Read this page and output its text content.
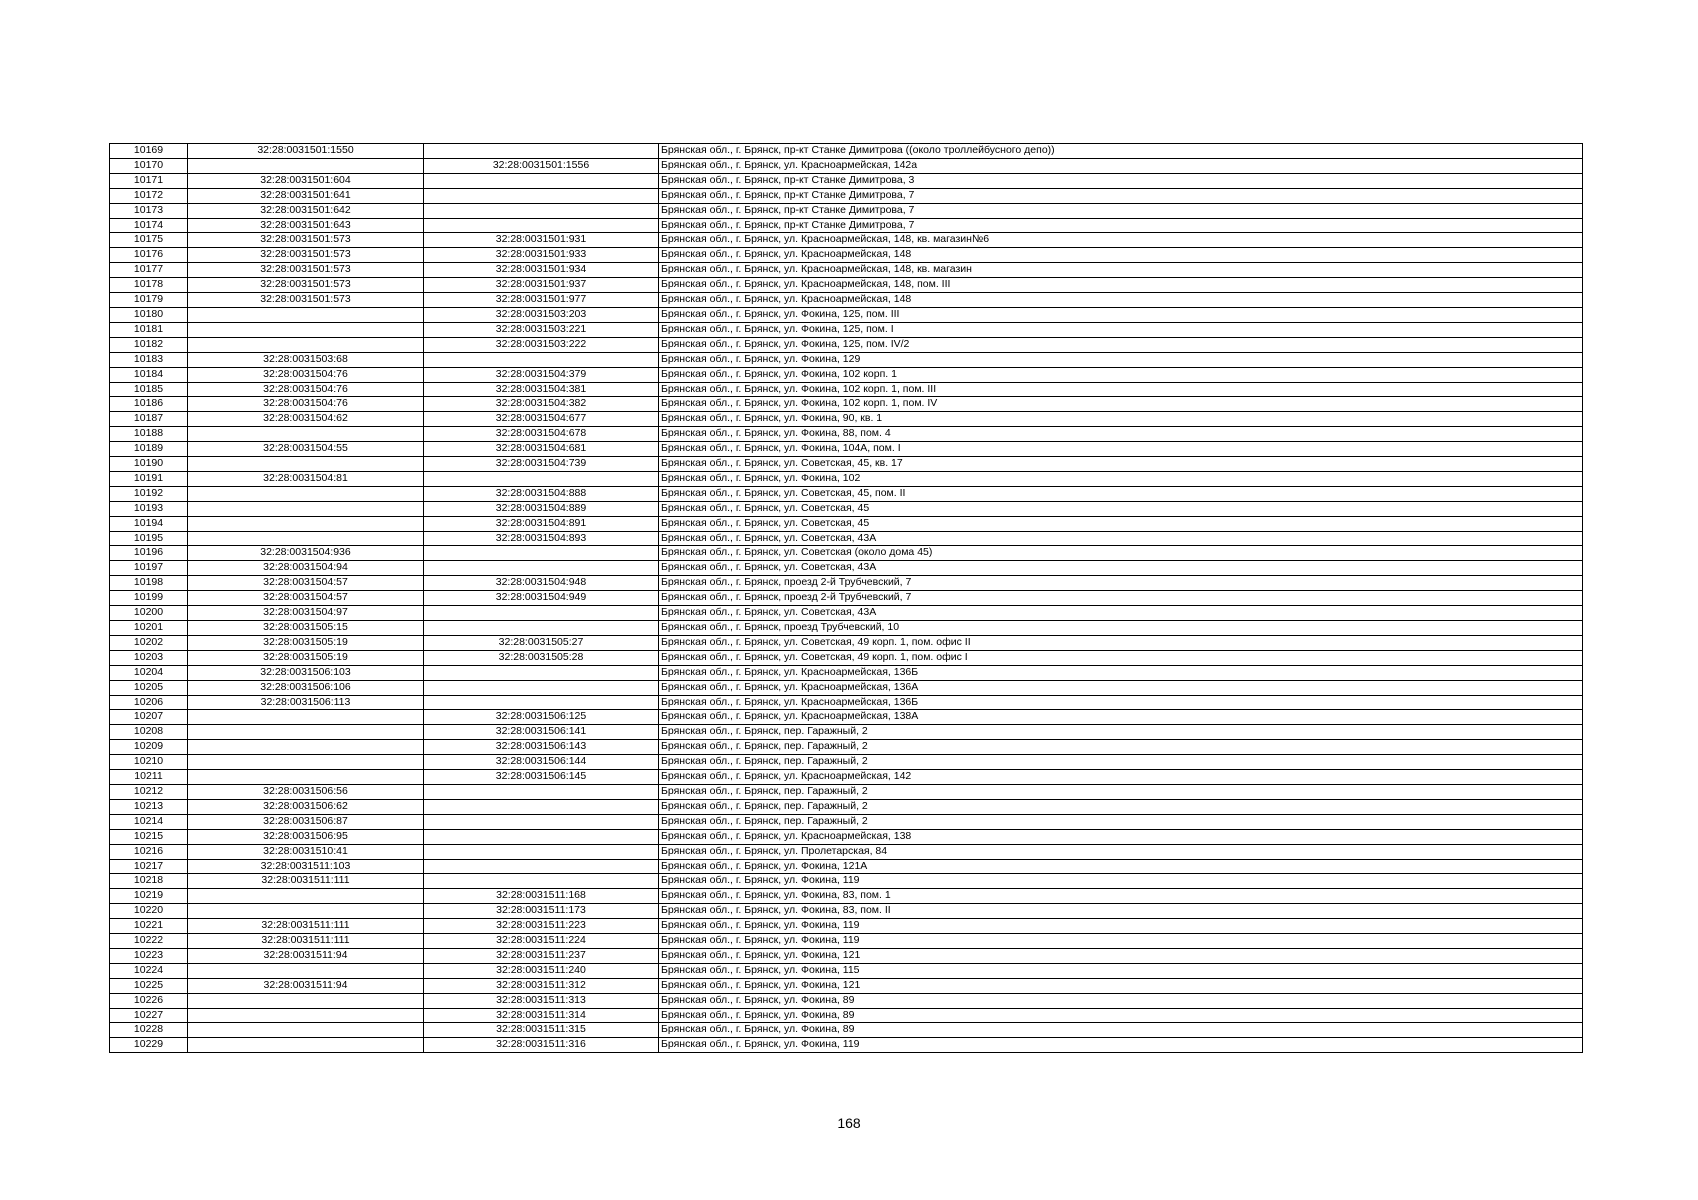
10169	32:28:0031501:1550		Брянская обл., г. Брянск, пр-кт Станке Димитрова ((около троллейбусного депо))
10170		32:28:0031501:1556	Брянская обл., г. Брянск, ул. Красноармейская, 142а
10171	32:28:0031501:604		Брянская обл., г. Брянск, пр-кт Станке Димитрова, 3
10172	32:28:0031501:641		Брянская обл., г. Брянск, пр-кт Станке Димитрова, 7
10173	32:28:0031501:642		Брянская обл., г. Брянск, пр-кт Станке Димитрова, 7
10174	32:28:0031501:643		Брянская обл., г. Брянск, пр-кт Станке Димитрова, 7
10175	32:28:0031501:573	32:28:0031501:931	Брянская обл., г. Брянск, ул. Красноармейская, 148, кв. магазин№6
10176	32:28:0031501:573	32:28:0031501:933	Брянская обл., г. Брянск, ул. Красноармейская, 148
10177	32:28:0031501:573	32:28:0031501:934	Брянская обл., г. Брянск, ул. Красноармейская, 148, кв. магазин
10178	32:28:0031501:573	32:28:0031501:937	Брянская обл., г. Брянск, ул. Красноармейская, 148, пом. III
10179	32:28:0031501:573	32:28:0031501:977	Брянская обл., г. Брянск, ул. Красноармейская, 148
10180		32:28:0031503:203	Брянская обл., г. Брянск, ул. Фокина, 125, пом. III
10181		32:28:0031503:221	Брянская обл., г. Брянск, ул. Фокина, 125, пом. I
10182		32:28:0031503:222	Брянская обл., г. Брянск, ул. Фокина, 125, пом. IV/2
10183	32:28:0031503:68		Брянская обл., г. Брянск, ул. Фокина, 129
10184	32:28:0031504:76	32:28:0031504:379	Брянская обл., г. Брянск, ул. Фокина, 102 корп. 1
10185	32:28:0031504:76	32:28:0031504:381	Брянская обл., г. Брянск, ул. Фокина, 102 корп. 1, пом. III
10186	32:28:0031504:76	32:28:0031504:382	Брянская обл., г. Брянск, ул. Фокина, 102 корп. 1, пом. IV
10187	32:28:0031504:62	32:28:0031504:677	Брянская обл., г. Брянск, ул. Фокина, 90, кв. 1
10188		32:28:0031504:678	Брянская обл., г. Брянск, ул. Фокина, 88, пом. 4
10189	32:28:0031504:55	32:28:0031504:681	Брянская обл., г. Брянск, ул. Фокина, 104А, пом. I
10190		32:28:0031504:739	Брянская обл., г. Брянск, ул. Советская, 45, кв. 17
10191	32:28:0031504:81		Брянская обл., г. Брянск, ул. Фокина, 102
10192		32:28:0031504:888	Брянская обл., г. Брянск, ул. Советская, 45, пом. II
10193		32:28:0031504:889	Брянская обл., г. Брянск, ул. Советская, 45
10194		32:28:0031504:891	Брянская обл., г. Брянск, ул. Советская, 45
10195		32:28:0031504:893	Брянская обл., г. Брянск, ул. Советская, 43А
10196	32:28:0031504:936		Брянская обл., г. Брянск, ул. Советская (около дома 45)
10197	32:28:0031504:94		Брянская обл., г. Брянск, ул. Советская, 43А
10198	32:28:0031504:57	32:28:0031504:948	Брянская обл., г. Брянск, проезд 2-й Трубчевский, 7
10199	32:28:0031504:57	32:28:0031504:949	Брянская обл., г. Брянск, проезд 2-й Трубчевский, 7
10200	32:28:0031504:97		Брянская обл., г. Брянск, ул. Советская, 43А
10201	32:28:0031505:15		Брянская обл., г. Брянск, проезд Трубчевский, 10
10202	32:28:0031505:19	32:28:0031505:27	Брянская обл., г. Брянск, ул. Советская, 49 корп. 1, пом. офис II
10203	32:28:0031505:19	32:28:0031505:28	Брянская обл., г. Брянск, ул. Советская, 49 корп. 1, пом. офис I
10204	32:28:0031506:103		Брянская обл., г. Брянск, ул. Красноармейская, 136Б
10205	32:28:0031506:106		Брянская обл., г. Брянск, ул. Красноармейская, 136А
10206	32:28:0031506:113		Брянская обл., г. Брянск, ул. Красноармейская, 136Б
10207		32:28:0031506:125	Брянская обл., г. Брянск, ул. Красноармейская, 138А
10208		32:28:0031506:141	Брянская обл., г. Брянск, пер. Гаражный, 2
10209		32:28:0031506:143	Брянская обл., г. Брянск, пер. Гаражный, 2
10210		32:28:0031506:144	Брянская обл., г. Брянск, пер. Гаражный, 2
10211		32:28:0031506:145	Брянская обл., г. Брянск, ул. Красноармейская, 142
10212	32:28:0031506:56		Брянская обл., г. Брянск, пер. Гаражный, 2
10213	32:28:0031506:62		Брянская обл., г. Брянск, пер. Гаражный, 2
10214	32:28:0031506:87		Брянская обл., г. Брянск, пер. Гаражный, 2
10215	32:28:0031506:95		Брянская обл., г. Брянск, ул. Красноармейская, 138
10216	32:28:0031510:41		Брянская обл., г. Брянск, ул. Пролетарская, 84
10217	32:28:0031511:103		Брянская обл., г. Брянск, ул. Фокина, 121А
10218	32:28:0031511:111		Брянская обл., г. Брянск, ул. Фокина, 119
10219		32:28:0031511:168	Брянская обл., г. Брянск, ул. Фокина, 83, пом. 1
10220		32:28:0031511:173	Брянская обл., г. Брянск, ул. Фокина, 83, пом. II
10221	32:28:0031511:111	32:28:0031511:223	Брянская обл., г. Брянск, ул. Фокина, 119
10222	32:28:0031511:111	32:28:0031511:224	Брянская обл., г. Брянск, ул. Фокина, 119
10223	32:28:0031511:94	32:28:0031511:237	Брянская обл., г. Брянск, ул. Фокина, 121
10224		32:28:0031511:240	Брянская обл., г. Брянск, ул. Фокина, 115
10225	32:28:0031511:94	32:28:0031511:312	Брянская обл., г. Брянск, ул. Фокина, 121
10226		32:28:0031511:313	Брянская обл., г. Брянск, ул. Фокина, 89
10227		32:28:0031511:314	Брянская обл., г. Брянск, ул. Фокина, 89
10228		32:28:0031511:315	Брянская обл., г. Брянск, ул. Фокина, 89
10229		32:28:0031511:316	Брянская обл., г. Брянск, ул. Фокина, 119
168
